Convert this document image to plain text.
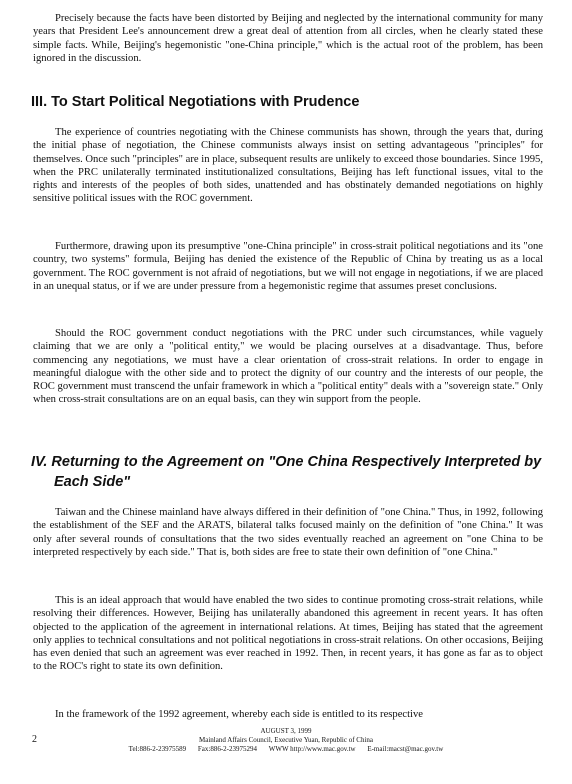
Precisely because the facts have been distorted by Beijing and neglected by the international community for many years that President Lee's announcement drew a great deal of attention from all circles, when he clearly stated these simple facts. While, Beijing's hegemonistic "one-China principle," which is the actual root of the problem, has been ignored in the discussion.

III. To Start Political Negotiations with Prudence

The experience of countries negotiating with the Chinese communists has shown, through the years that, during the initial phase of negotiation, the Chinese communists always insist on setting advantageous "principles" for themselves. Once such "principles" are in place, subsequent results are unlikely to exceed those boundaries. Since 1995, when the PRC unilaterally terminated institutionalized consultations, Beijing has left functional issues, vital to the rights and interests of the peoples of both sides, unattended and has obstinately demanded negotiations on highly sensitive political issues with the ROC government.

Furthermore, drawing upon its presumptive "one-China principle" in cross-strait political negotiations and its "one country, two systems" formula, Beijing has denied the existence of the Republic of China by treating us as a local government. The ROC government is not afraid of negotiations, but we will not engage in negotiations, if we are placed in an unequal status, or if we are under pressure from a hegemonistic regime that assumes preset conclusions.

Should the ROC government conduct negotiations with the PRC under such circumstances, while vaguely claiming that we are only a "political entity," we would be placing ourselves at a disadvantage. Thus, before commencing any negotiations, we must have a clear orientation of cross-strait relations. In order to engage in meaningful dialogue with the other side and to protect the dignity of our country and the interests of our people, the ROC government must transcend the unfair framework in which a "political entity" deals with a "sovereign state." Only when cross-strait consultations are on an equal basis, can they win support from the people.

IV. Returning to the Agreement on "One China Respectively Interpreted by
Each Side"

Taiwan and the Chinese mainland have always differed in their definition of "one China." Thus, in 1992, following the establishment of the SEF and the ARATS, bilateral talks focused mainly on the definition of "one China." It was only after several rounds of consultations that the two sides eventually reached an agreement on "one China to be interpreted respectively by each side." That is, both sides are free to state their own definition of "one China."

This is an ideal approach that would have enabled the two sides to continue promoting cross-strait relations, while resolving their differences. However, Beijing has unilaterally abandoned this agreement in recent years. It has often objected to the application of the agreement in international relations. At times, Beijing has stated that the agreement only applies to technical consultations and not political negotiations in cross-strait relations. On other occasions, Beijing has even denied that such an agreement was ever reached in 1992. Then, in recent years, it has gone as far as to object to the ROC's right to state its own definition.

In the framework of the 1992 agreement, whereby each side is entitled to its respective

2
AUGUST 3, 1999
Mainland Affairs Council, Executive Yuan, Republic of China
Tel:886-2-23975589 Fax:886-2-23975294 WWW http://www.mac.gov.tw E-mail:macst@mac.gov.tw
